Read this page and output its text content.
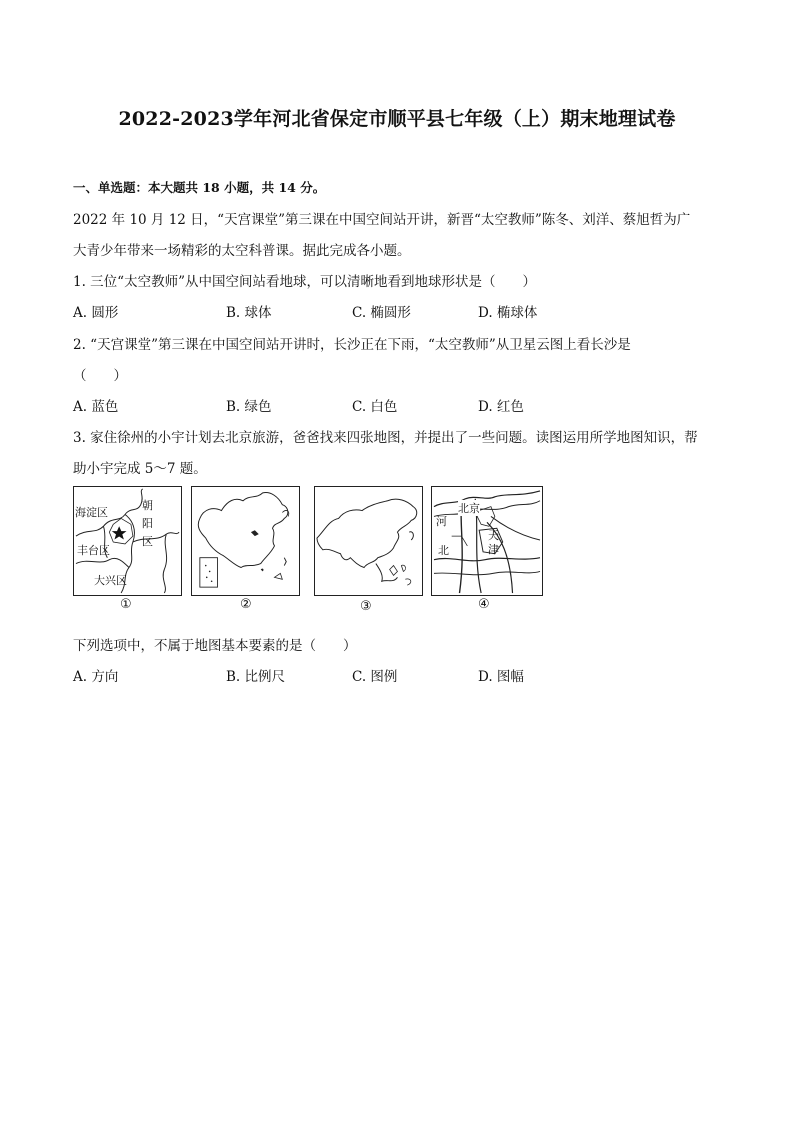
2022-2023学年河北省保定市顺平县七年级（上）期末地理试卷
一、单选题：本大题共 18 小题，共 14 分。
2022 年 10 月 12 日，“天宫课堂”第三课在中国空间站开讲，新晋“太空教师”陈冬、刘洋、蔡旭哲为广
大青少年带来一场精彩的太空科普课。据此完成各小题。
1. 三位“太空教师”从中国空间站看地球，可以清晰地看到地球形状是（　　）
A. 圆形	B. 球体	C. 椭圆形	D. 椭球体
2. “天宫课堂”第三课在中国空间站开讲时，长沙正在下雨，“太空教师”从卫星云图上看长沙是
（　　）
A. 蓝色	B. 绿色	C. 白色	D. 红色
3. 家住徐州的小宇计划去北京旅游，爸爸找来四张地图，并提出了一些问题。读图运用所学地图知识，帮
助小宇完成 5～7 题。
海淀区
朝
阳
区
丰台区
大兴区
北京
河
北
天
津
①	②	③	④
下列选项中，不属于地图基本要素的是（　　）
A. 方向	B. 比例尺	C. 图例	D. 图幅
